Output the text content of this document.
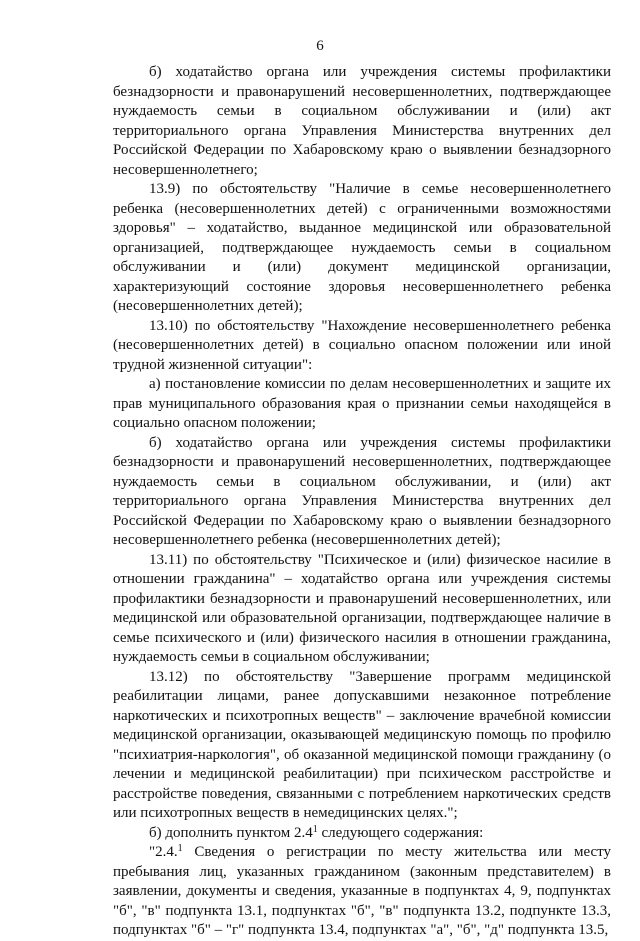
6

б) ходатайство органа или учреждения системы профилактики безнадзорности и правонарушений несовершеннолетних, подтверждающее нуждаемость семьи в социальном обслуживании и (или) акт территориального органа Управления Министерства внутренних дел Российской Федерации по Хабаровскому краю о выявлении безнадзорного несовершеннолетнего;

13.9) по обстоятельству "Наличие в семье несовершеннолетнего ребенка (несовершеннолетних детей) с ограниченными возможностями здоровья" – ходатайство, выданное медицинской или образовательной организацией, подтверждающее нуждаемость семьи в социальном обслуживании и (или) документ медицинской организации, характеризующий состояние здоровья несовершеннолетнего ребенка (несовершеннолетних детей);

13.10) по обстоятельству "Нахождение несовершеннолетнего ребенка (несовершеннолетних детей) в социально опасном положении или иной трудной жизненной ситуации":

а) постановление комиссии по делам несовершеннолетних и защите их прав муниципального образования края о признании семьи находящейся в социально опасном положении;

б) ходатайство органа или учреждения системы профилактики безнадзорности и правонарушений несовершеннолетних, подтверждающее нуждаемость семьи в социальном обслуживании, и (или) акт территориального органа Управления Министерства внутренних дел Российской Федерации по Хабаровскому краю о выявлении безнадзорного несовершеннолетнего ребенка (несовершеннолетних детей);

13.11) по обстоятельству "Психическое и (или) физическое насилие в отношении гражданина" – ходатайство органа или учреждения системы профилактики безнадзорности и правонарушений несовершеннолетних, или медицинской или образовательной организации, подтверждающее наличие в семье психического и (или) физического насилия в отношении гражданина, нуждаемость семьи в социальном обслуживании;

13.12) по обстоятельству "Завершение программ медицинской реабилитации лицами, ранее допускавшими незаконное потребление наркотических и психотропных веществ" – заключение врачебной комиссии медицинской организации, оказывающей медицинскую помощь по профилю "психиатрия-наркология", об оказанной медицинской помощи гражданину (о лечении и медицинской реабилитации) при психическом расстройстве и расстройстве поведения, связанными с потреблением наркотических средств или психотропных веществ в немедицинских целях.";

б) дополнить пунктом $2.4^1$ следующего содержания:

"2.4.$^1$ Сведения о регистрации по месту жительства или месту пребывания лиц, указанных гражданином (законным представителем) в заявлении, документы и сведения, указанные в подпунктах 4, 9, подпунктах "б", "в" подпункта 13.1, подпунктах "б", "в" подпункта 13.2, подпункте 13.3, подпунктах "б" – "г" подпункта 13.4, подпунктах "а", "б", "д" подпункта 13.5,
